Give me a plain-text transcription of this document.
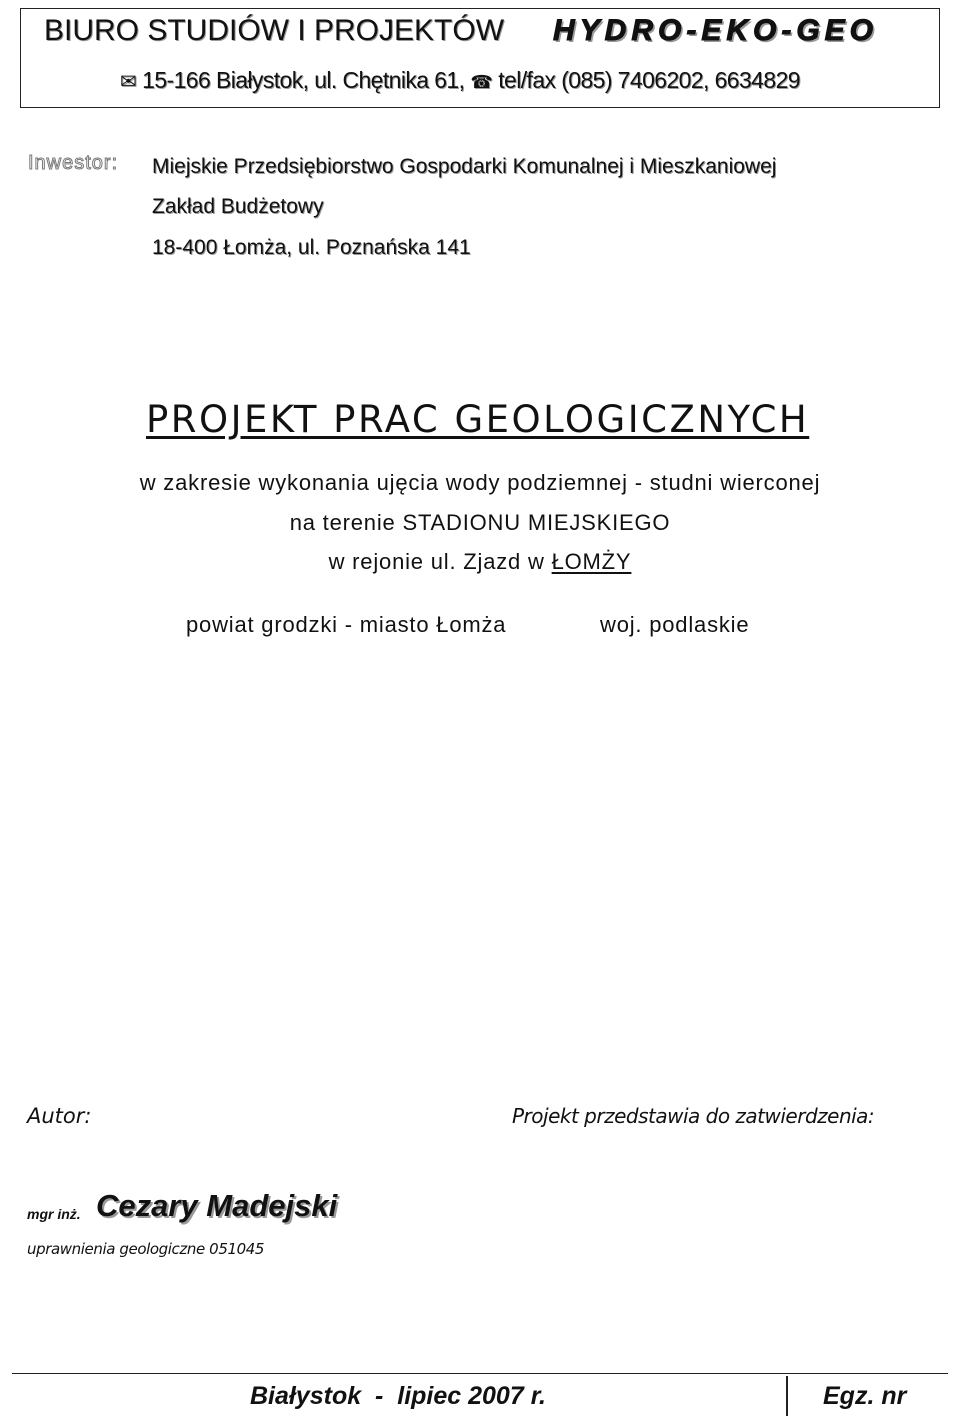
BIURO STUDIÓW I PROJEKTÓW HYDRO-EKO-GEO
✉ 15-166 Białystok, ul. Chętnika 61, ☎ tel/fax (085) 7406202, 6634829
Inwestor: Miejskie Przedsiębiorstwo Gospodarki Komunalnej i Mieszkaniowej
Zakład Budżetowy
18-400 Łomża, ul. Poznańska 141
PROJEKT PRAC GEOLOGICZNYCH
w zakresie wykonania ujęcia wody podziemnej - studni wierconej
na terenie STADIONU MIEJSKIEGO
w rejonie ul. Zjazd w ŁOMŻY
powiat grodzki - miasto Łomża	woj. podlaskie
Autor:	Projekt przedstawia do zatwierdzenia:
mgr inż. Cezary Madejski
uprawnienia geologiczne 051045
Białystok  -  lipiec 2007 r.	Egz. nr
